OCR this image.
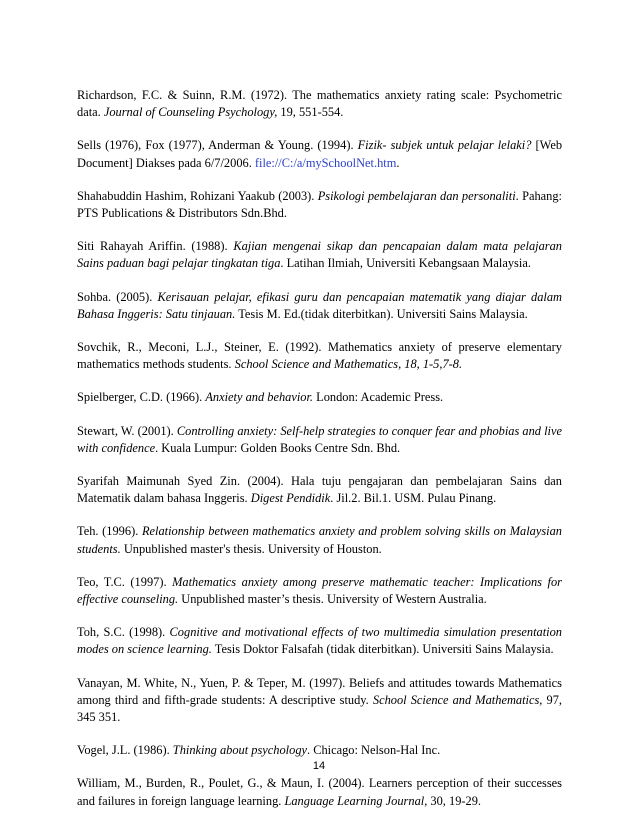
Richardson, F.C. & Suinn, R.M. (1972). The mathematics anxiety rating scale: Psychometric data. Journal of Counseling Psychology, 19, 551-554.

Sells (1976), Fox (1977), Anderman & Young. (1994). Fizik- subjek untuk pelajar lelaki? [Web Document] Diakses pada 6/7/2006. file://C:/a/mySchoolNet.htm.

Shahabuddin Hashim, Rohizani Yaakub (2003). Psikologi pembelajaran dan personaliti. Pahang: PTS Publications & Distributors Sdn.Bhd.

Siti Rahayah Ariffin. (1988). Kajian mengenai sikap dan pencapaian dalam mata pelajaran Sains paduan bagi pelajar tingkatan tiga. Latihan Ilmiah, Universiti Kebangsaan Malaysia.

Sohba. (2005). Kerisauan pelajar, efikasi guru dan pencapaian matematik yang diajar dalam Bahasa Inggeris: Satu tinjauan. Tesis M. Ed.(tidak diterbitkan). Universiti Sains Malaysia.

Sovchik, R., Meconi, L.J., Steiner, E. (1992). Mathematics anxiety of preserve elementary mathematics methods students. School Science and Mathematics, 18, 1-5,7-8.

Spielberger, C.D. (1966). Anxiety and behavior. London: Academic Press.

Stewart, W. (2001). Controlling anxiety: Self-help strategies to conquer fear and phobias and live with confidence. Kuala Lumpur: Golden Books Centre Sdn. Bhd.

Syarifah Maimunah Syed Zin. (2004). Hala tuju pengajaran dan pembelajaran Sains dan Matematik dalam bahasa Inggeris. Digest Pendidik. Jil.2. Bil.1. USM. Pulau Pinang.

Teh. (1996). Relationship between mathematics anxiety and problem solving skills on Malaysian students. Unpublished master's thesis. University of Houston.

Teo, T.C. (1997). Mathematics anxiety among preserve mathematic teacher: Implications for effective counseling. Unpublished master’s thesis. University of Western Australia.

Toh, S.C. (1998). Cognitive and motivational effects of two multimedia simulation presentation modes on science learning. Tesis Doktor Falsafah (tidak diterbitkan). Universiti Sains Malaysia.

Vanayan, M. White, N., Yuen, P. & Teper, M. (1997). Beliefs and attitudes towards Mathematics among third and fifth-grade students: A descriptive study. School Science and Mathematics, 97, 345 351.

Vogel, J.L. (1986). Thinking about psychology. Chicago: Nelson-Hal Inc.

William, M., Burden, R., Poulet, G., & Maun, I. (2004). Learners perception of their successes and failures in foreign language learning. Language Learning Journal, 30, 19-29.

14
